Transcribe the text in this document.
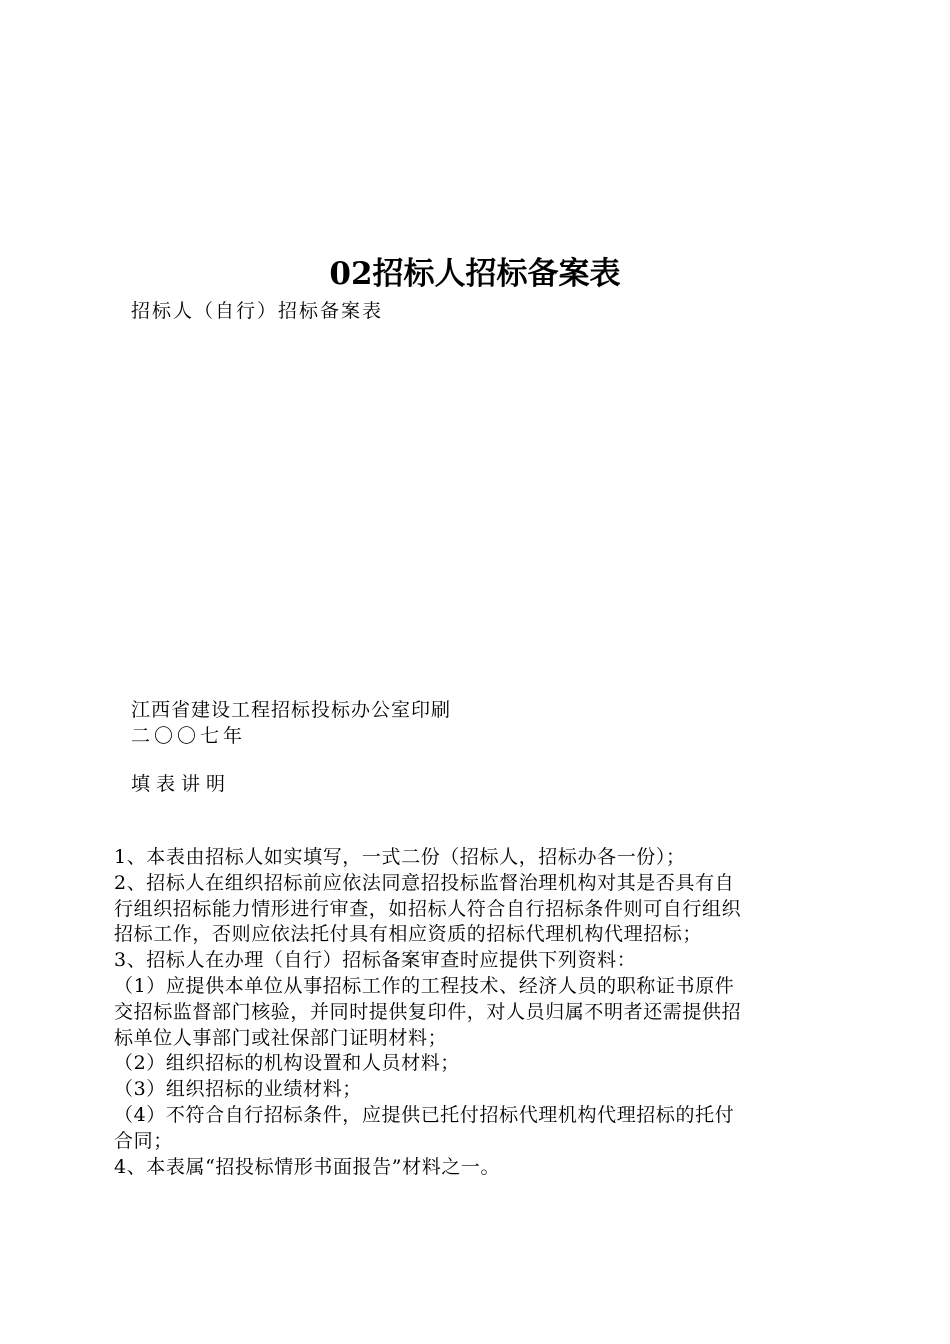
02招标人招标备案表
招标人（自行）招标备案表
江西省建设工程招标投标办公室印刷
二〇〇七年
填表讲明
1、本表由招标人如实填写，一式二份（招标人，招标办各一份）；
2、招标人在组织招标前应依法同意招投标监督治理机构对其是否具有自
行组织招标能力情形进行审查，如招标人符合自行招标条件则可自行组织
招标工作，否则应依法托付具有相应资质的招标代理机构代理招标；
3、招标人在办理（自行）招标备案审查时应提供下列资料：
（1）应提供本单位从事招标工作的工程技术、经济人员的职称证书原件
交招标监督部门核验，并同时提供复印件，对人员归属不明者还需提供招
标单位人事部门或社保部门证明材料；
（2）组织招标的机构设置和人员材料；
（3）组织招标的业绩材料；
（4）不符合自行招标条件，应提供已托付招标代理机构代理招标的托付
合同；
4、本表属“招投标情形书面报告”材料之一。
